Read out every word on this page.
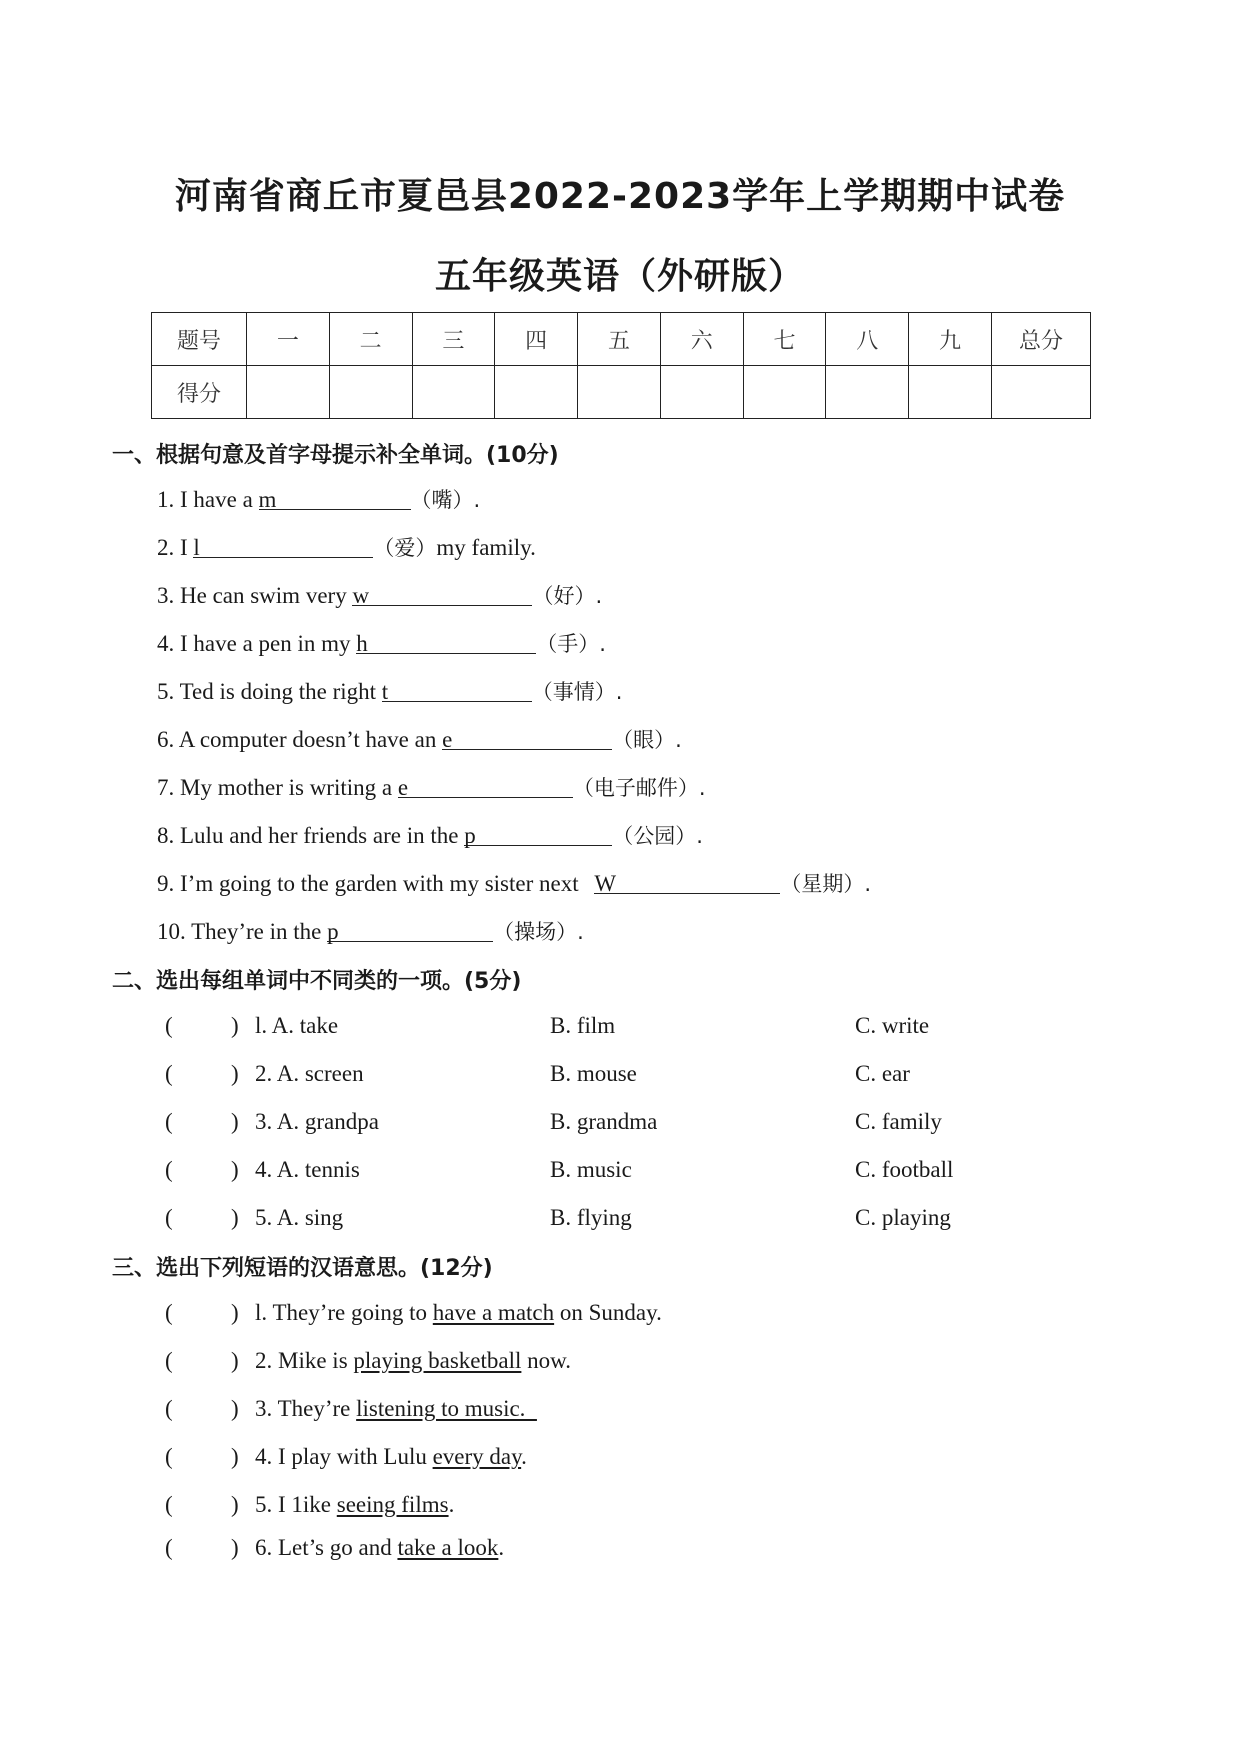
河南省商丘市夏邑县2022-2023学年上学期期中试卷
五年级英语（外研版）
题号	一	二	三	四	五	六	七	八	九	总分
得分										
一、根据句意及首字母提示补全单词。(10分)
1. I have a m	（嘴）.
2. I l	（爱）my family.
3. He can swim very w	（好）.
4. I have a pen in my h	（手）.
5. Ted is doing the right t	（事情）.
6. A computer doesn’t have an e	（眼）.
7. My mother is writing a e	（电子邮件）.
8. Lulu and her friends are in the p	（公园）.
9. I’m going to the garden with my sister next W	（星期）.
10. They’re in the p	（操场）.
二、选出每组单词中不同类的一项。(5分)
(	) l. A. take	B. film	C. write
(	) 2. A. screen	B. mouse	C. ear
(	) 3. A. grandpa	B. grandma	C. family
(	) 4. A. tennis	B. music	C. football
(	) 5. A. sing	B. flying	C. playing
三、选出下列短语的汉语意思。(12分)
(	) l. They’re going to have a match on Sunday.
(	) 2. Mike is playing basketball now.
(	) 3. They’re listening to music.
(	) 4. I play with Lulu every day.
(	) 5. I 1ike seeing films.
(	) 6. Let’s go and take a look.
